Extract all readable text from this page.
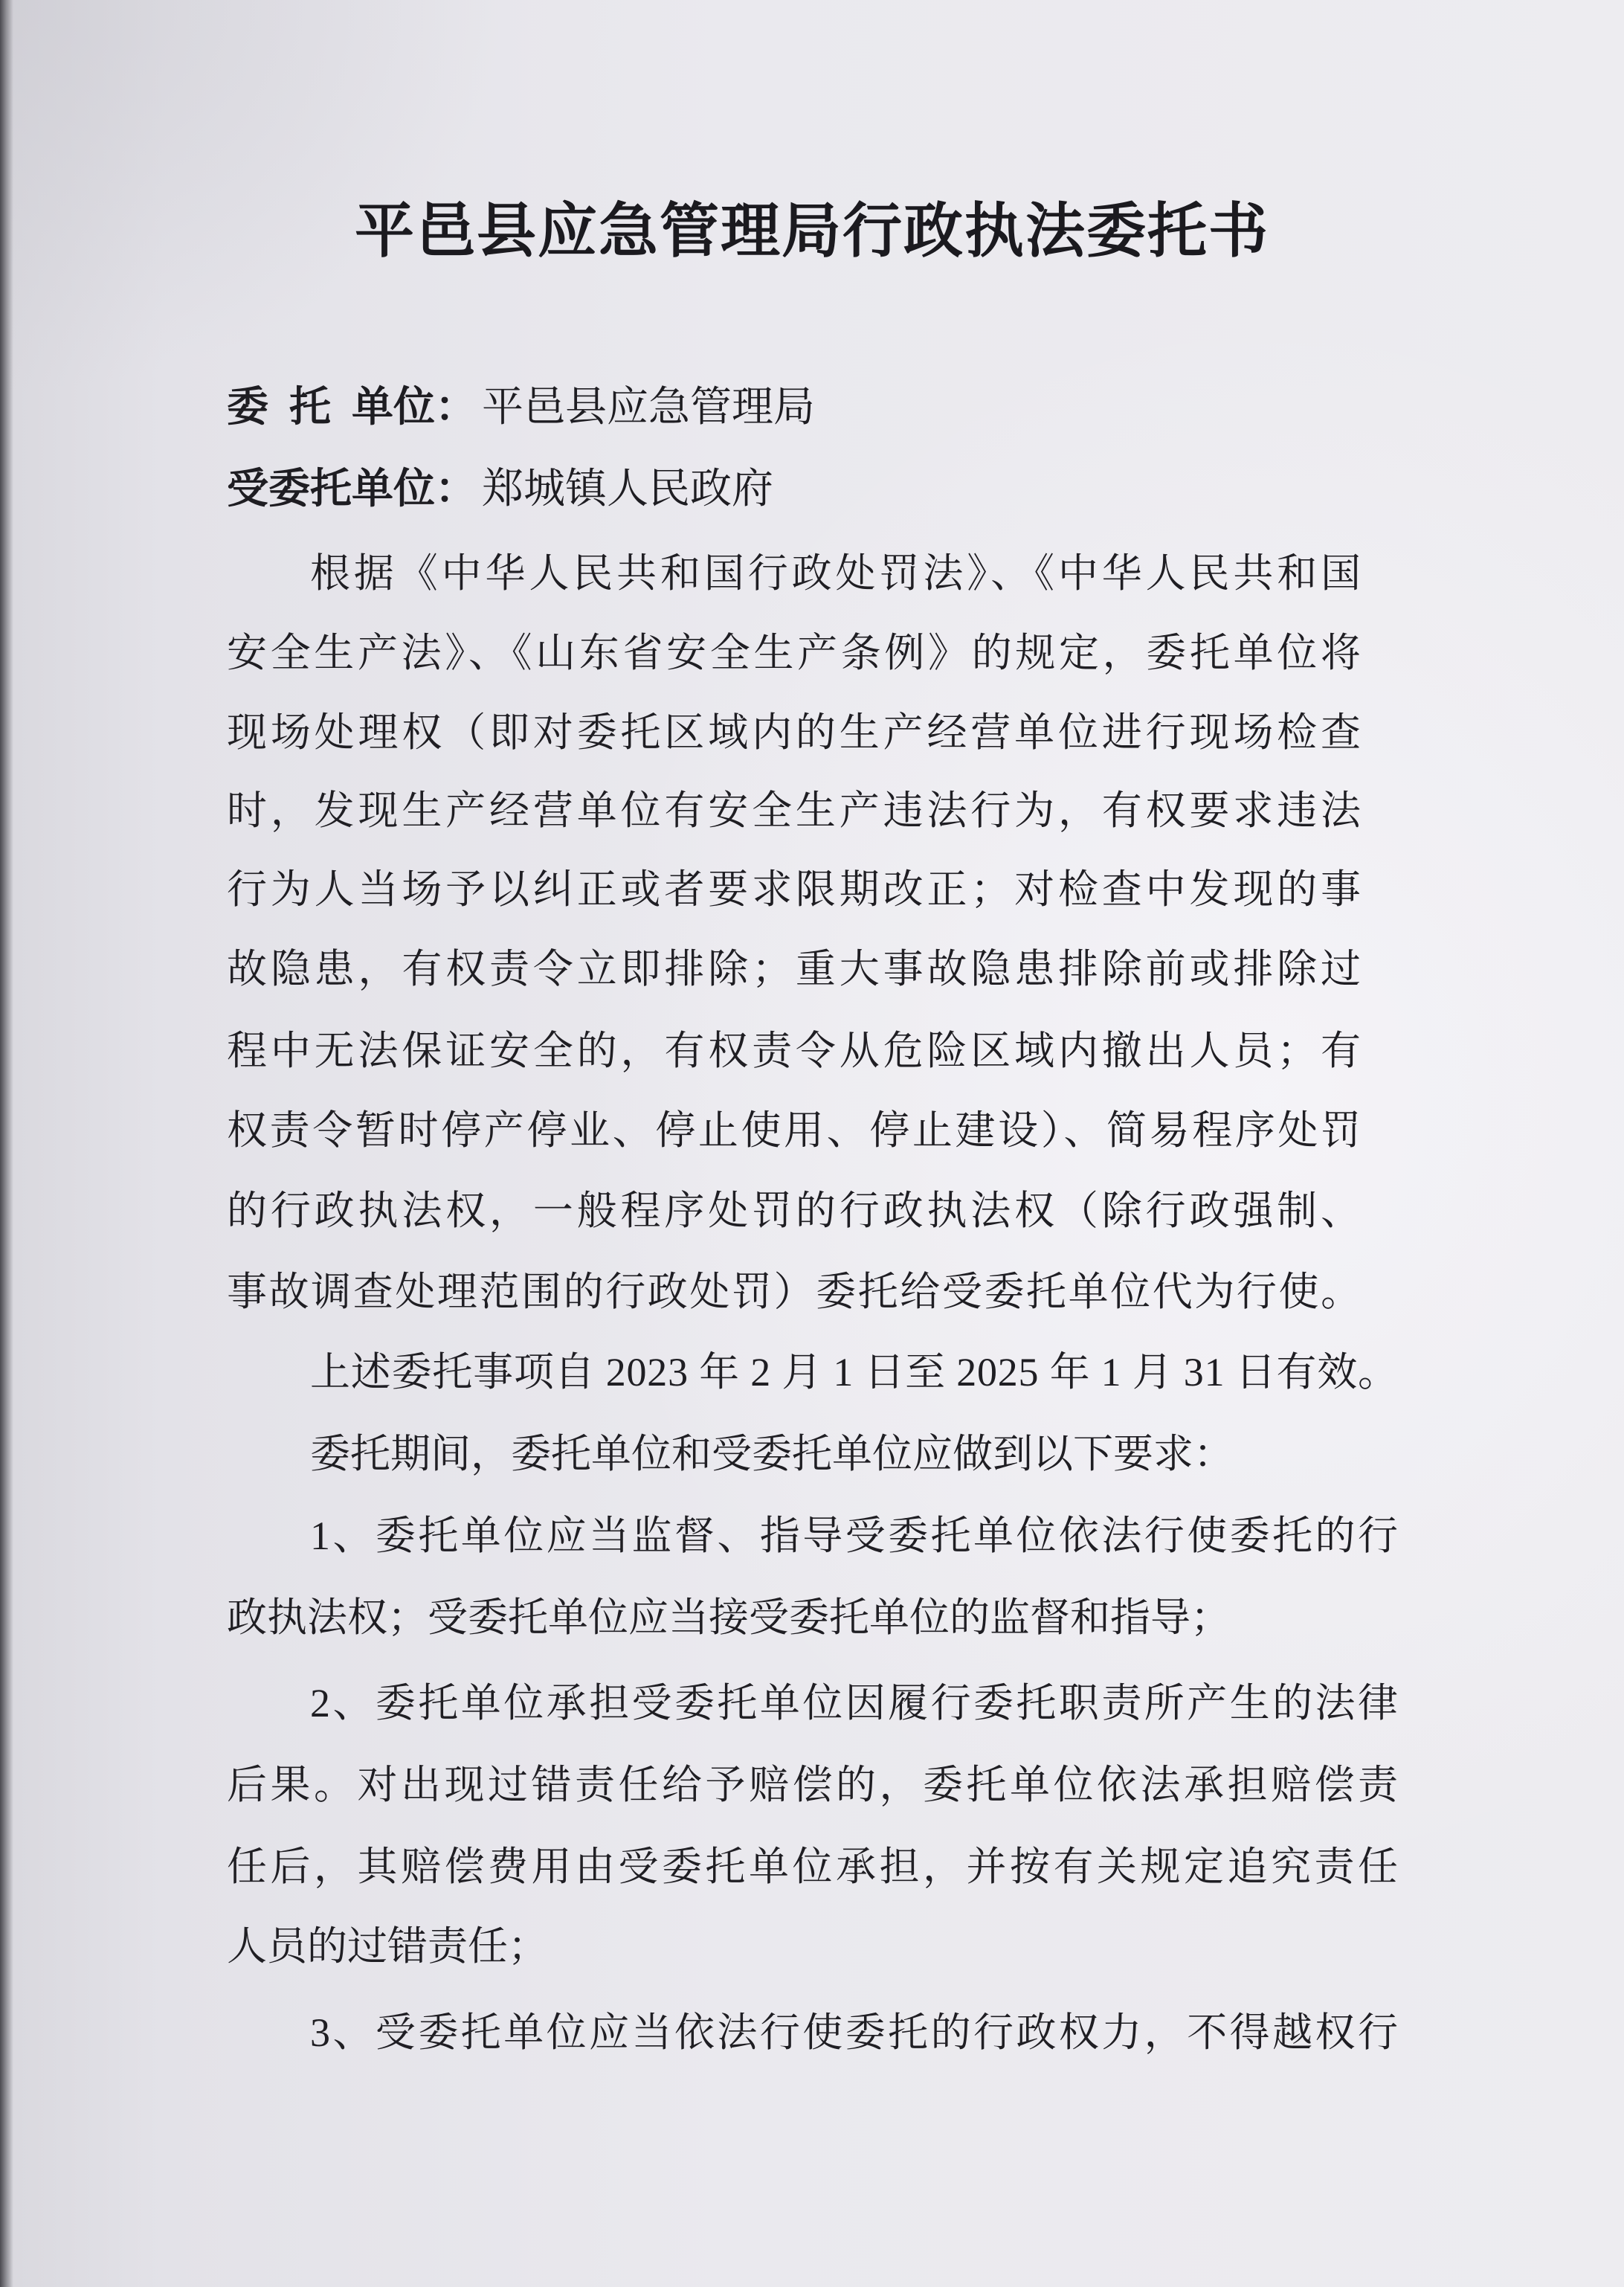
平邑县应急管理局行政执法委托书
委 托 单位： 平邑县应急管理局
受委托单位： 郑城镇人民政府
根据《中华人民共和国行政处罚法》、《中华人民共和国
安全生产法》、《山东省安全生产条例》的规定，委托单位将
现场处理权（即对委托区域内的生产经营单位进行现场检查
时，发现生产经营单位有安全生产违法行为，有权要求违法
行为人当场予以纠正或者要求限期改正；对检查中发现的事
故隐患，有权责令立即排除；重大事故隐患排除前或排除过
程中无法保证安全的，有权责令从危险区域内撤出人员；有
权责令暂时停产停业、停止使用、停止建设）、简易程序处罚
的行政执法权，一般程序处罚的行政执法权（除行政强制、
事故调查处理范围的行政处罚）委托给受委托单位代为行使。
上述委托事项自 2023 年 2 月 1 日至 2025 年 1 月 31 日有效。
委托期间，委托单位和受委托单位应做到以下要求：
1、委托单位应当监督、指导受委托单位依法行使委托的行
政执法权；受委托单位应当接受委托单位的监督和指导；
2、委托单位承担受委托单位因履行委托职责所产生的法律
后果。对出现过错责任给予赔偿的，委托单位依法承担赔偿责
任后，其赔偿费用由受委托单位承担，并按有关规定追究责任
人员的过错责任；
3、受委托单位应当依法行使委托的行政权力，不得越权行
